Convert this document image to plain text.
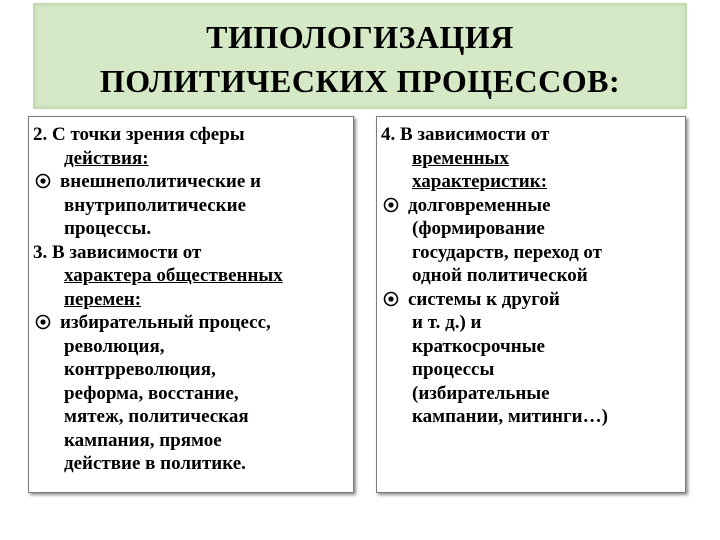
ТИПОЛОГИЗАЦИЯ
ПОЛИТИЧЕСКИХ ПРОЦЕССОВ:
2. С точки зрения сферы
действия:
внешнеполитические и
внутриполитические
процессы.
3. В зависимости от
характера общественных
перемен:
избирательный процесс,
революция,
контрреволюция,
реформа, восстание,
мятеж, политическая
кампания, прямое
действие в политике.
4. В зависимости от
временных
характеристик:
долговременные
(формирование
государств, переход от
одной политической
системы к другой
и т. д.) и
краткосрочные
процессы
(избирательные
кампании, митинги…)
